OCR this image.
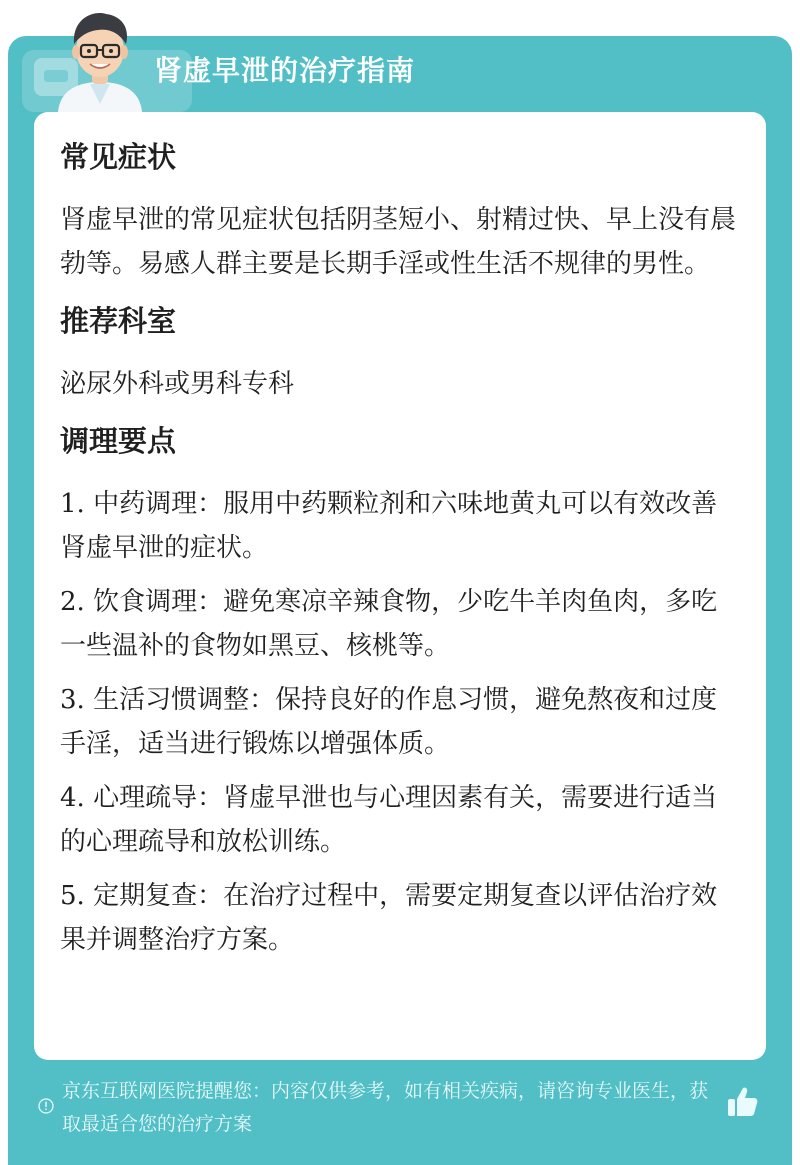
肾虚早泄的治疗指南
常见症状

肾虚早泄的常见症状包括阴茎短小、射精过快、早上没有晨勃等。易感人群主要是长期手淫或性生活不规律的男性。

推荐科室

泌尿外科或男科专科

调理要点

1. 中药调理：服用中药颗粒剂和六味地黄丸可以有效改善肾虚早泄的症状。

2. 饮食调理：避免寒凉辛辣食物，少吃牛羊肉鱼肉，多吃一些温补的食物如黑豆、核桃等。

3. 生活习惯调整：保持良好的作息习惯，避免熬夜和过度手淫，适当进行锻炼以增强体质。

4. 心理疏导：肾虚早泄也与心理因素有关，需要进行适当的心理疏导和放松训练。

5. 定期复查：在治疗过程中，需要定期复查以评估治疗效果并调整治疗方案。

京东互联网医院提醒您：内容仅供参考，如有相关疾病，请咨询专业医生，获取最适合您的治疗方案
